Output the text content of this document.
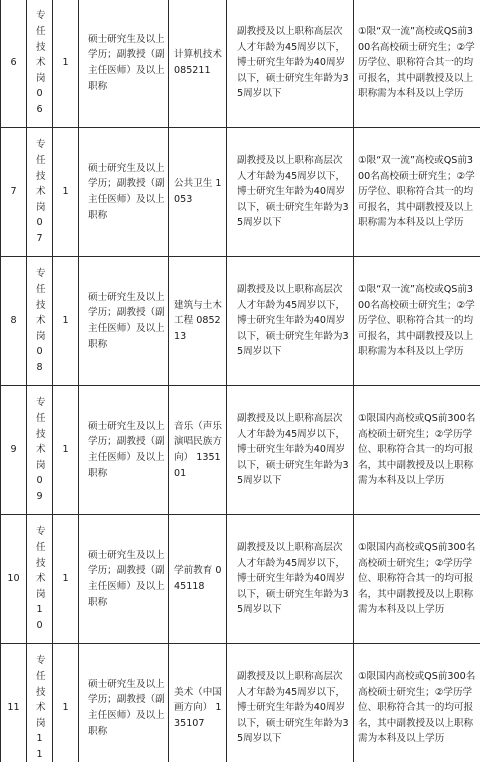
6	专任技术岗06	1	硕士研究生及以上学历；副教授（副主任医师）及以上职称	计算机技术 085211	副教授及以上职称高层次人才年龄为45周岁以下，博士研究生年龄为40周岁以下，硕士研究生年龄为35周岁以下	①限“双一流”高校或QS前300名高校硕士研究生；②学历学位、职称符合其一的均可报名，其中副教授及以上职称需为本科及以上学历
7	专任技术岗07	1	硕士研究生及以上学历；副教授（副主任医师）及以上职称	公共卫生 1053	副教授及以上职称高层次人才年龄为45周岁以下，博士研究生年龄为40周岁以下，硕士研究生年龄为35周岁以下	①限“双一流”高校或QS前300名高校硕士研究生；②学历学位、职称符合其一的均可报名，其中副教授及以上职称需为本科及以上学历
8	专任技术岗08	1	硕士研究生及以上学历；副教授（副主任医师）及以上职称	建筑与土木工程 085213	副教授及以上职称高层次人才年龄为45周岁以下，博士研究生年龄为40周岁以下，硕士研究生年龄为35周岁以下	①限“双一流”高校或QS前300名高校硕士研究生；②学历学位、职称符合其一的均可报名，其中副教授及以上职称需为本科及以上学历
9	专任技术岗09	1	硕士研究生及以上学历；副教授（副主任医师）及以上职称	音乐（声乐演唱民族方向） 135101	副教授及以上职称高层次人才年龄为45周岁以下，博士研究生年龄为40周岁以下，硕士研究生年龄为35周岁以下	①限国内高校或QS前300名高校硕士研究生；②学历学位、职称符合其一的均可报名，其中副教授及以上职称需为本科及以上学历
10	专任技术岗10	1	硕士研究生及以上学历；副教授（副主任医师）及以上职称	学前教育 045118	副教授及以上职称高层次人才年龄为45周岁以下，博士研究生年龄为40周岁以下，硕士研究生年龄为35周岁以下	①限国内高校或QS前300名高校硕士研究生；②学历学位、职称符合其一的均可报名，其中副教授及以上职称需为本科及以上学历
11	专任技术岗11	1	硕士研究生及以上学历；副教授（副主任医师）及以上职称	美术（中国画方向） 135107	副教授及以上职称高层次人才年龄为45周岁以下，博士研究生年龄为40周岁以下，硕士研究生年龄为35周岁以下	①限国内高校或QS前300名高校硕士研究生；②学历学位、职称符合其一的均可报名，其中副教授及以上职称需为本科及以上学历
